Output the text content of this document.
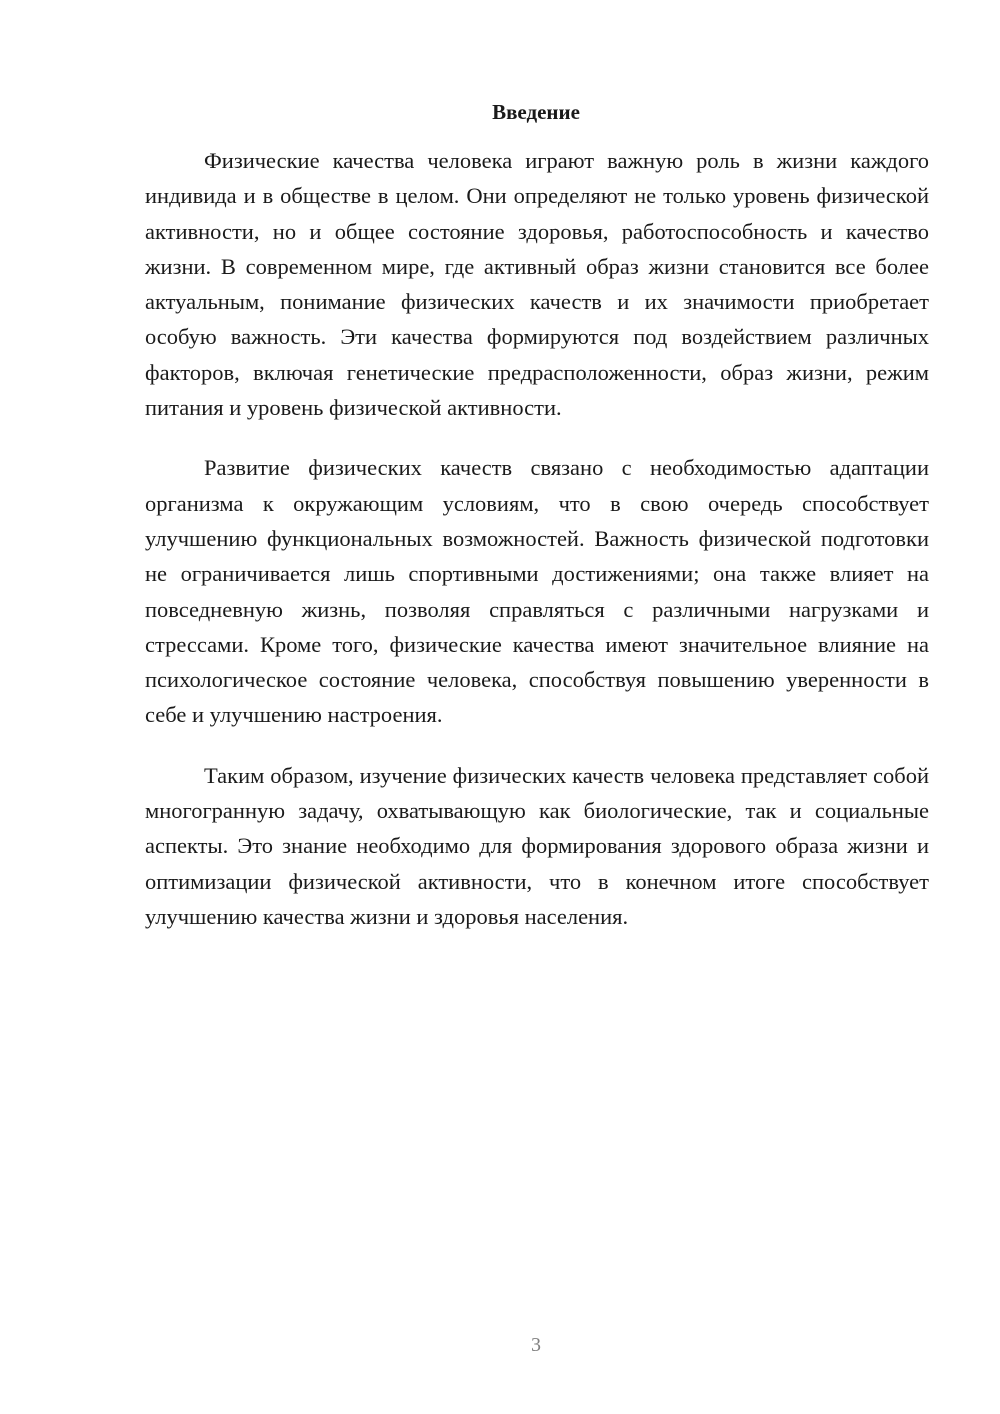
Введение

Физические качества человека играют важную роль в жизни каждого индивида и в обществе в целом. Они определяют не только уровень физической активности, но и общее состояние здоровья, работоспособность и качество жизни. В современном мире, где активный образ жизни становится все более актуальным, понимание физических качеств и их значимости приобретает особую важность. Эти качества формируются под воздействием различных факторов, включая генетические предрасположенности, образ жизни, режим питания и уровень физической активности.

Развитие физических качеств связано с необходимостью адаптации организма к окружающим условиям, что в свою очередь способствует улучшению функциональных возможностей. Важность физической подготовки не ограничивается лишь спортивными достижениями; она также влияет на повседневную жизнь, позволяя справляться с различными нагрузками и стрессами. Кроме того, физические качества имеют значительное влияние на психологическое состояние человека, способствуя повышению уверенности в себе и улучшению настроения.

Таким образом, изучение физических качеств человека представляет собой многогранную задачу, охватывающую как биологические, так и социальные аспекты. Это знание необходимо для формирования здорового образа жизни и оптимизации физической активности, что в конечном итоге способствует улучшению качества жизни и здоровья населения.

3
